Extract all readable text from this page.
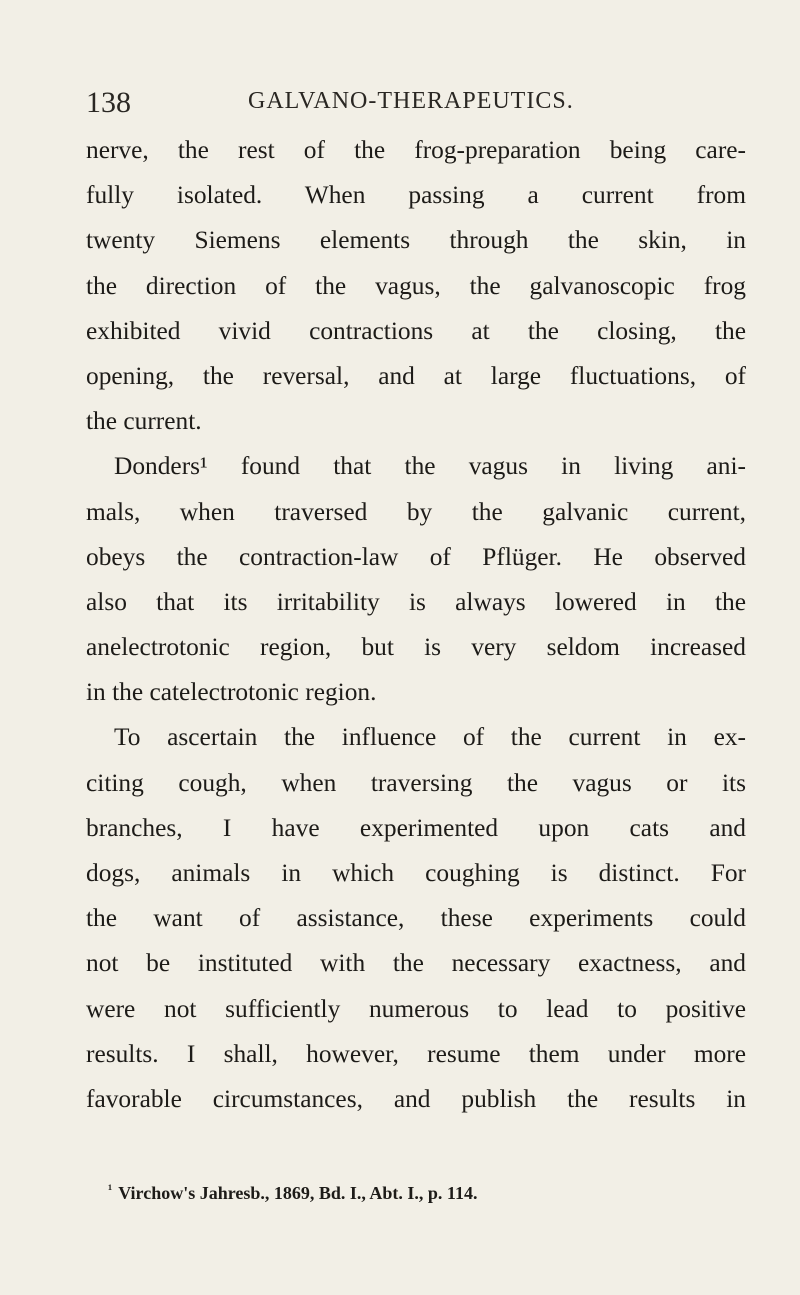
138	GALVANO-THERAPEUTICS.
nerve, the rest of the frog-preparation being care-
fully isolated. When passing a current from
twenty Siemens elements through the skin, in
the direction of the vagus, the galvanoscopic frog
exhibited vivid contractions at the closing, the
opening, the reversal, and at large fluctuations, of
the current.
Donders¹ found that the vagus in living ani-
mals, when traversed by the galvanic current,
obeys the contraction-law of Pflüger. He observed
also that its irritability is always lowered in the
anelectrotonic region, but is very seldom increased
in the catelectrotonic region.
To ascertain the influence of the current in ex-
citing cough, when traversing the vagus or its
branches, I have experimented upon cats and
dogs, animals in which coughing is distinct. For
the want of assistance, these experiments could
not be instituted with the necessary exactness, and
were not sufficiently numerous to lead to positive
results. I shall, however, resume them under more
favorable circumstances, and publish the results in
$^{^1}$ Virchow's Jahresb., 1869, Bd. I., Abt. I., p. 114.
